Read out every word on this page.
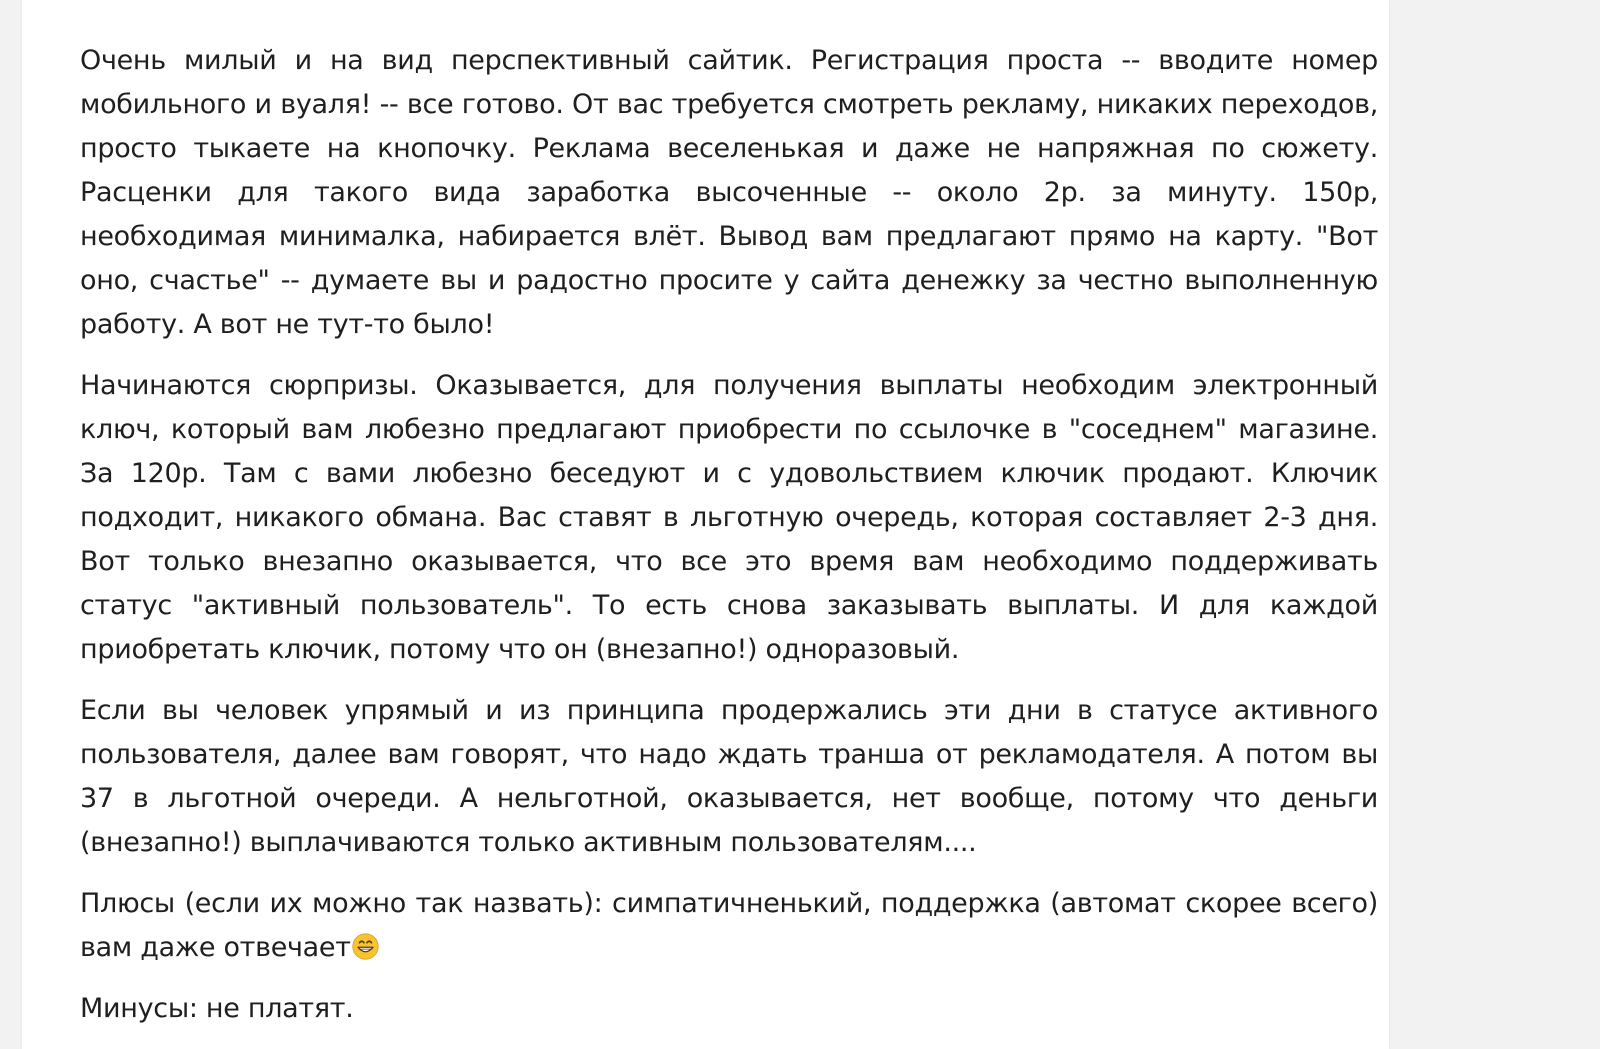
Очень милый и на вид перспективный сайтик. Регистрация проста -- вводите номер мобильного и вуаля! -- все готово. От вас требуется смотреть рекламу, никаких переходов, просто тыкаете на кнопочку. Реклама веселенькая и даже не напряжная по сюжету. Расценки для такого вида заработка высоченные -- около 2р. за минуту. 150р, необходимая минималка, набирается влёт. Вывод вам предлагают прямо на карту. "Вот оно, счастье" -- думаете вы и радостно просите у сайта денежку за честно выполненную работу. А вот не тут-то было!

Начинаются сюрпризы. Оказывается, для получения выплаты необходим электронный ключ, который вам любезно предлагают приобрести по ссылочке в "соседнем" магазине. За 120р. Там с вами любезно беседуют и с удовольствием ключик продают. Ключик подходит, никакого обмана. Вас ставят в льготную очередь, которая составляет 2-3 дня. Вот только внезапно оказывается, что все это время вам необходимо поддерживать статус "активный пользователь". То есть снова заказывать выплаты. И для каждой приобретать ключик, потому что он (внезапно!) одноразовый.

Если вы человек упрямый и из принципа продержались эти дни в статусе активного пользователя, далее вам говорят, что надо ждать транша от рекламодателя. А потом вы 37 в льготной очереди. А нельготной, оказывается, нет вообще, потому что деньги (внезапно!) выплачиваются только активным пользователям....

Плюсы (если их можно так назвать): симпатичненький, поддержка (автомат скорее всего) вам даже отвечает

Минусы: не платят.
